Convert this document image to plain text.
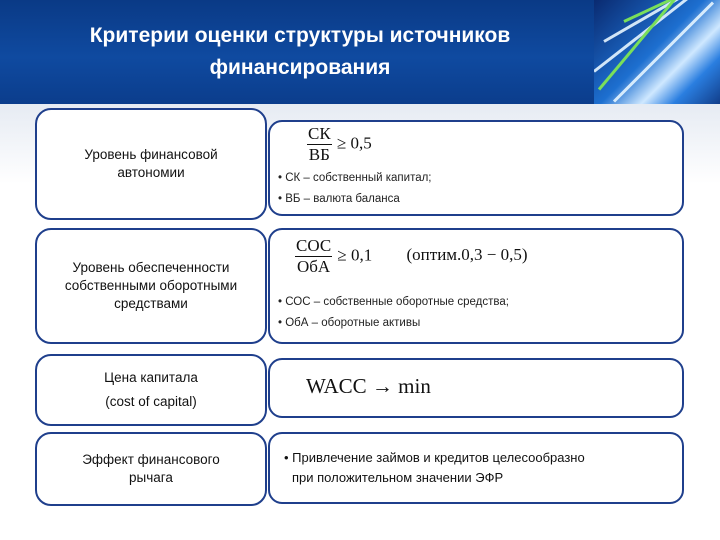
Критерии оценки структуры источников финансирования
Уровень финансовой автономии
$\frac{СК}{ВБ} \ge 0,5$
• СК – собственный капитал;
• ВБ – валюта баланса
Уровень обеспеченности собственными оборотными средствами
$\frac{\text{СОС}}{\text{ОбА}} \ge 0,1$ (оптим.0,3 − 0,5)
• СОС – собственные оборотные средства;
• ОбА – оборотные активы
Цена капитала
(cost of capital)
WACC → min
Эффект финансового рычага
• Привлечение займов и кредитов целесообразно
при положительном значении ЭФР
